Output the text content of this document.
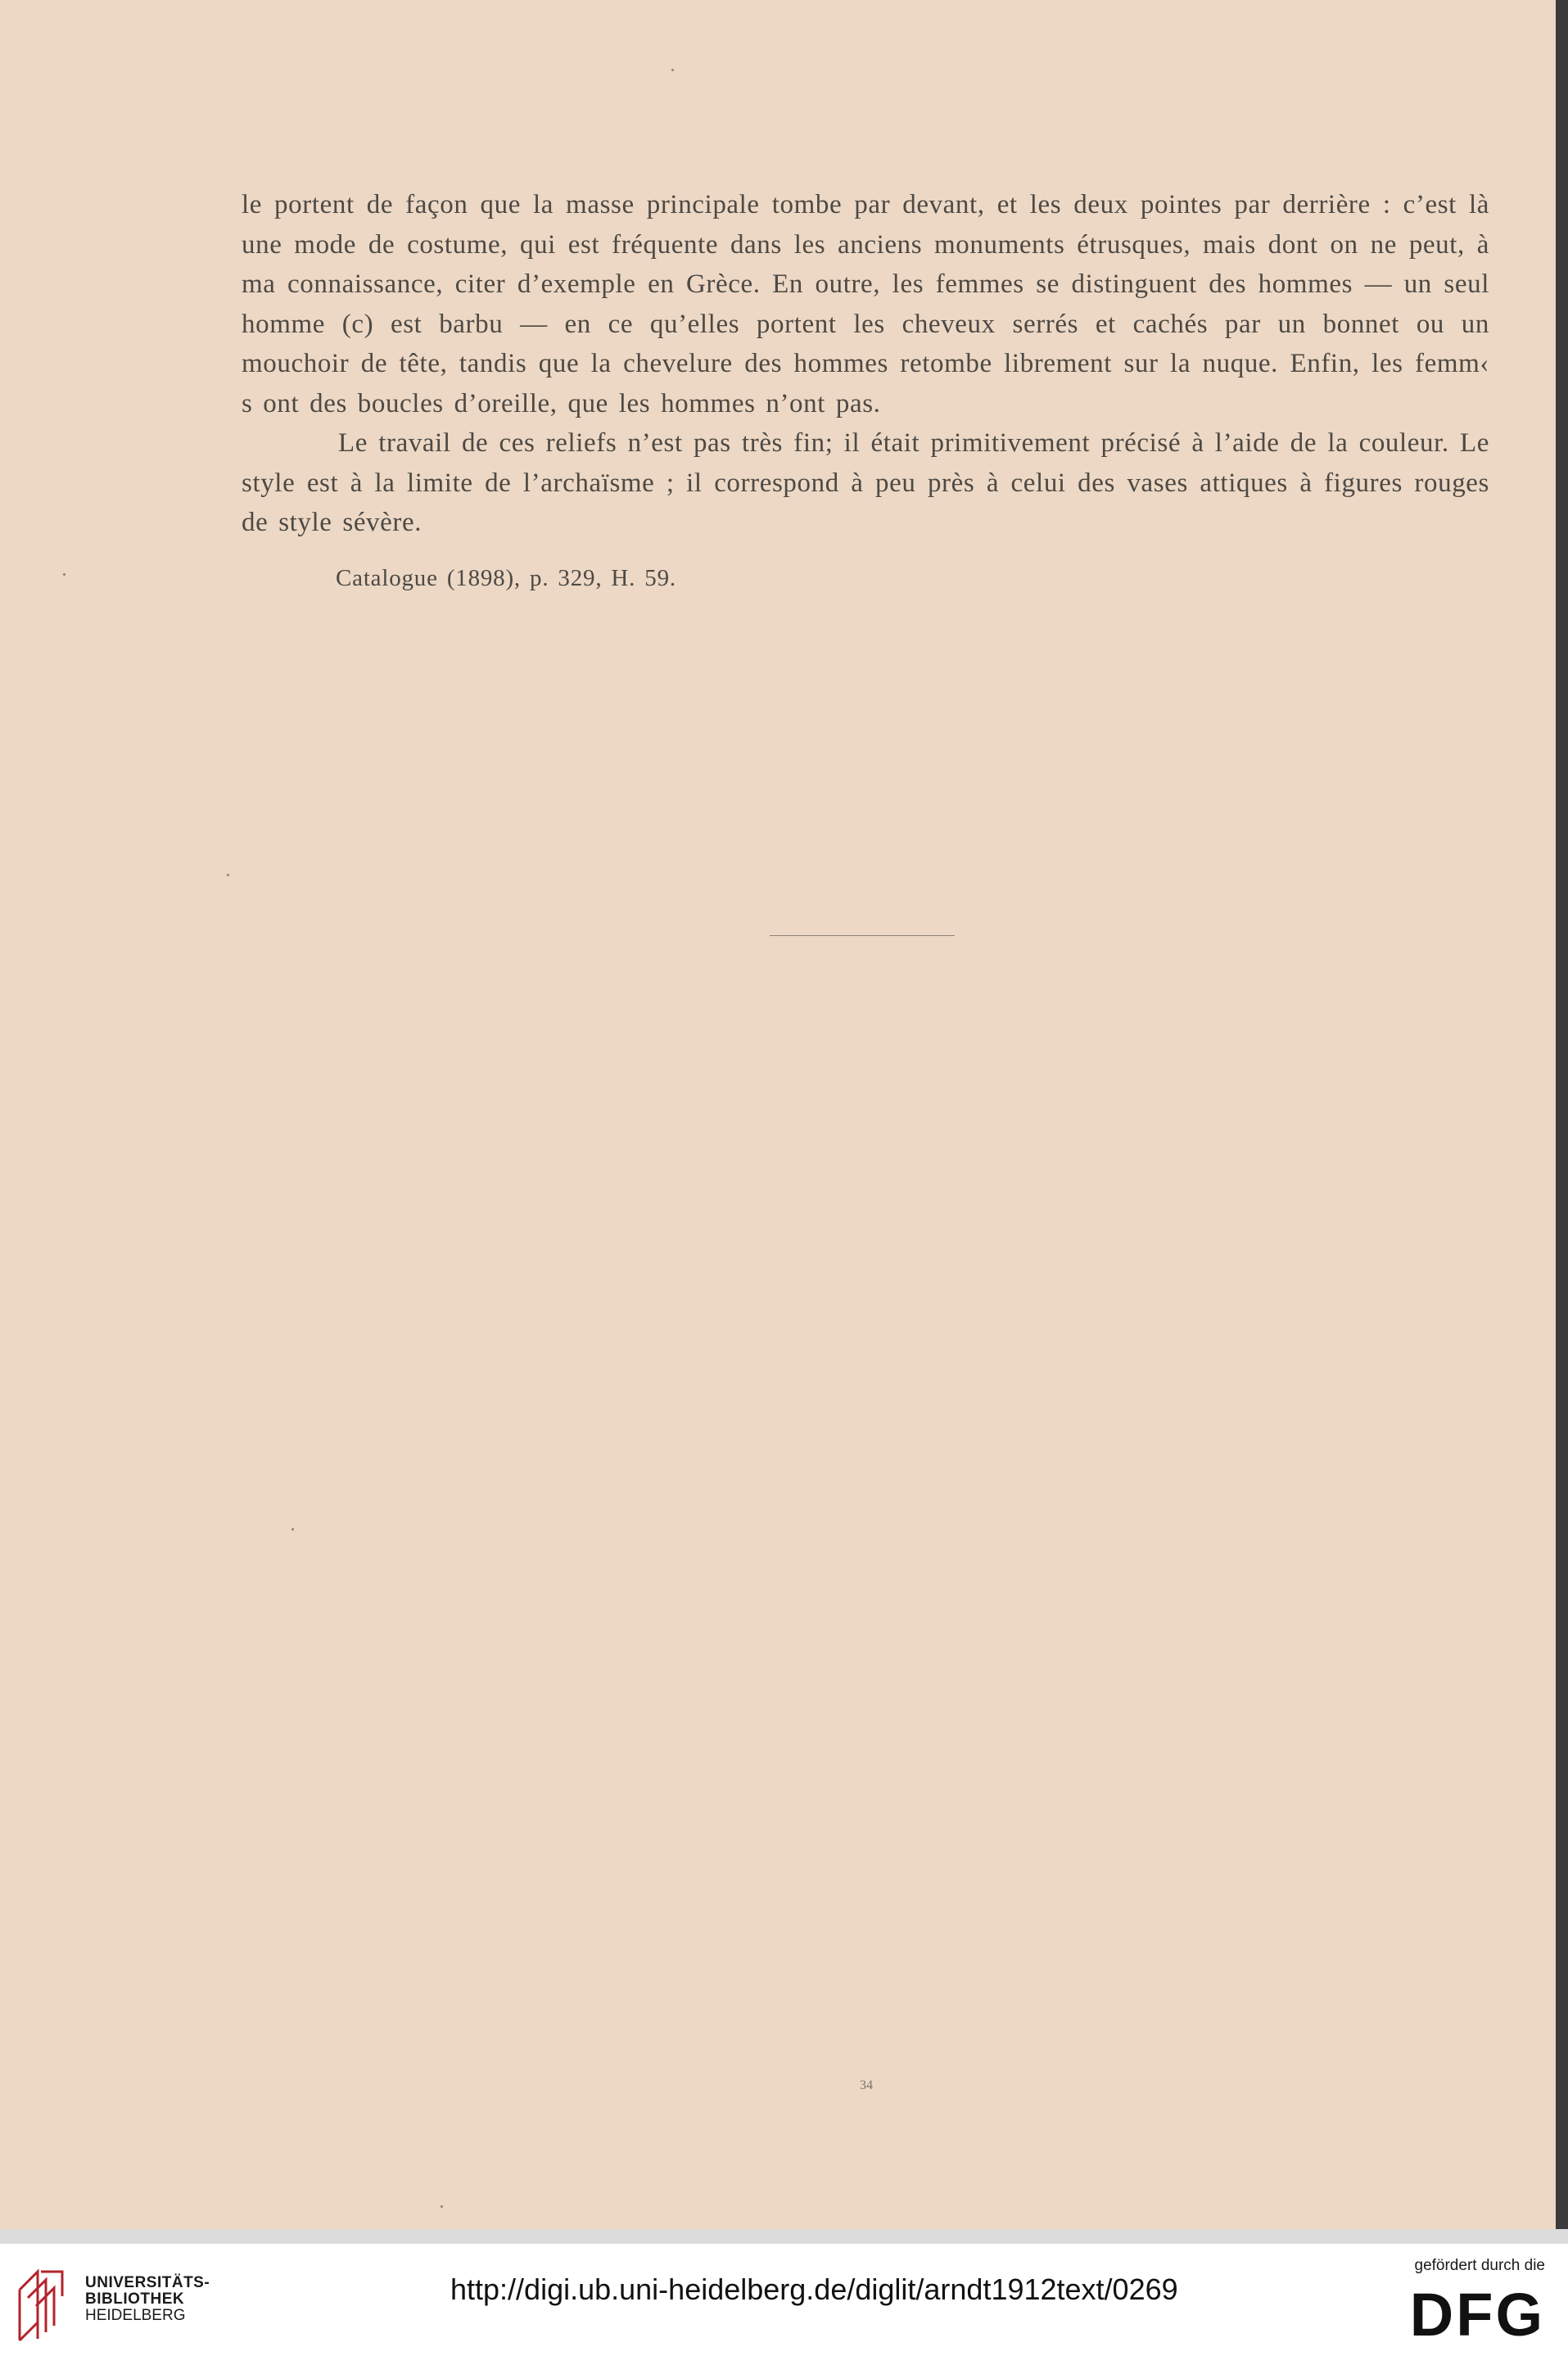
le portent de façon que la masse principale tombe par devant, et les deux pointes par derrière : c’est là une mode de costume, qui est fréquente dans les anciens monuments étrusques, mais dont on ne peut, à ma connaissance, citer d’exemple en Grèce. En outre, les femmes se distinguent des hommes — un seul homme (c) est barbu — en ce qu’elles portent les cheveux serrés et cachés par un bonnet ou un mouchoir de tête, tandis que la chevelure des hommes retombe librement sur la nuque. Enfin, les femm‹ s ont des boucles d’oreille, que les hommes n’ont pas.

Le travail de ces reliefs n’est pas très fin; il était primitivement précisé à l’aide de la couleur. Le style est à la limite de l’archaïsme ; il correspond à peu près à celui des vases attiques à figures rouges de style sévère.

Catalogue (1898), p. 329, H. 59.
34
UNIVERSITÄTS-
BIBLIOTHEK
HEIDELBERG
http://digi.ub.uni-heidelberg.de/diglit/arndt1912text/0269
gefördert durch die
DFG
